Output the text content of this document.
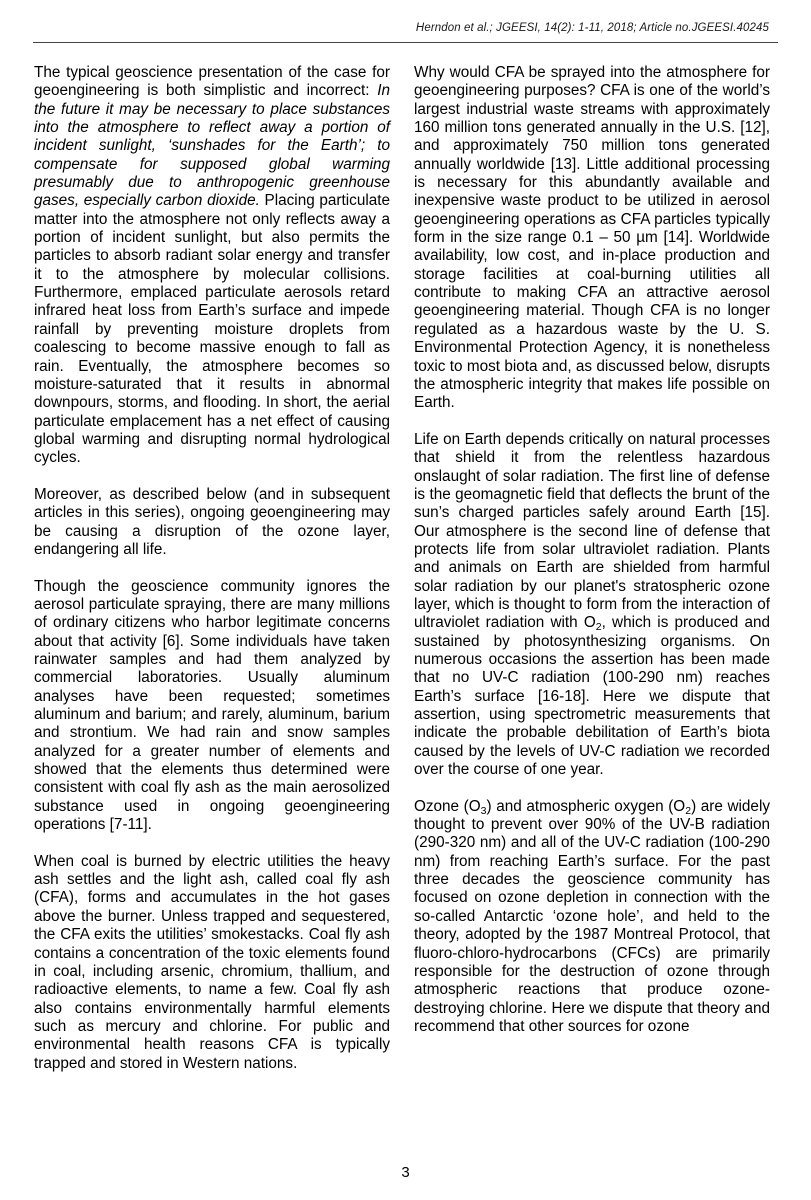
Herndon et al.; JGEESI, 14(2): 1-11, 2018; Article no.JGEESI.40245

The typical geoscience presentation of the case for geoengineering is both simplistic and incorrect: In the future it may be necessary to place substances into the atmosphere to reflect away a portion of incident sunlight, ‘sunshades for the Earth’; to compensate for supposed global warming presumably due to anthropogenic greenhouse gases, especially carbon dioxide. Placing particulate matter into the atmosphere not only reflects away a portion of incident sunlight, but also permits the particles to absorb radiant solar energy and transfer it to the atmosphere by molecular collisions. Furthermore, emplaced particulate aerosols retard infrared heat loss from Earth’s surface and impede rainfall by preventing moisture droplets from coalescing to become massive enough to fall as rain. Eventually, the atmosphere becomes so moisture-saturated that it results in abnormal downpours, storms, and flooding. In short, the aerial particulate emplacement has a net effect of causing global warming and disrupting normal hydrological cycles.

Moreover, as described below (and in subsequent articles in this series), ongoing geoengineering may be causing a disruption of the ozone layer, endangering all life.

Though the geoscience community ignores the aerosol particulate spraying, there are many millions of ordinary citizens who harbor legitimate concerns about that activity [6]. Some individuals have taken rainwater samples and had them analyzed by commercial laboratories. Usually aluminum analyses have been requested; sometimes aluminum and barium; and rarely, aluminum, barium and strontium. We had rain and snow samples analyzed for a greater number of elements and showed that the elements thus determined were consistent with coal fly ash as the main aerosolized substance used in ongoing geoengineering operations [7-11].

When coal is burned by electric utilities the heavy ash settles and the light ash, called coal fly ash (CFA), forms and accumulates in the hot gases above the burner. Unless trapped and sequestered, the CFA exits the utilities’ smokestacks. Coal fly ash contains a concentration of the toxic elements found in coal, including arsenic, chromium, thallium, and radioactive elements, to name a few. Coal fly ash also contains environmentally harmful elements such as mercury and chlorine. For public and environmental health reasons CFA is typically trapped and stored in Western nations.

Why would CFA be sprayed into the atmosphere for geoengineering purposes? CFA is one of the world’s largest industrial waste streams with approximately 160 million tons generated annually in the U.S. [12], and approximately 750 million tons generated annually worldwide [13]. Little additional processing is necessary for this abundantly available and inexpensive waste product to be utilized in aerosol geoengineering operations as CFA particles typically form in the size range 0.1 – 50 µm [14]. Worldwide availability, low cost, and in-place production and storage facilities at coal-burning utilities all contribute to making CFA an attractive aerosol geoengineering material. Though CFA is no longer regulated as a hazardous waste by the U. S. Environmental Protection Agency, it is nonetheless toxic to most biota and, as discussed below, disrupts the atmospheric integrity that makes life possible on Earth.

Life on Earth depends critically on natural processes that shield it from the relentless hazardous onslaught of solar radiation. The first line of defense is the geomagnetic field that deflects the brunt of the sun’s charged particles safely around Earth [15]. Our atmosphere is the second line of defense that protects life from solar ultraviolet radiation. Plants and animals on Earth are shielded from harmful solar radiation by our planet's stratospheric ozone layer, which is thought to form from the interaction of ultraviolet radiation with $O_2$, which is produced and sustained by photosynthesizing organisms. On numerous occasions the assertion has been made that no UV-C radiation (100-290 nm) reaches Earth’s surface [16-18]. Here we dispute that assertion, using spectrometric measurements that indicate the probable debilitation of Earth’s biota caused by the levels of UV-C radiation we recorded over the course of one year.

Ozone $(O_3)$ and atmospheric oxygen $(O_2)$ are widely thought to prevent over 90% of the UV-B radiation (290-320 nm) and all of the UV-C radiation (100-290 nm) from reaching Earth’s surface. For the past three decades the geoscience community has focused on ozone depletion in connection with the so-called Antarctic ‘ozone hole’, and held to the theory, adopted by the 1987 Montreal Protocol, that fluoro-chloro-hydrocarbons (CFCs) are primarily responsible for the destruction of ozone through atmospheric reactions that produce ozone-destroying chlorine. Here we dispute that theory and recommend that other sources for ozone

3
